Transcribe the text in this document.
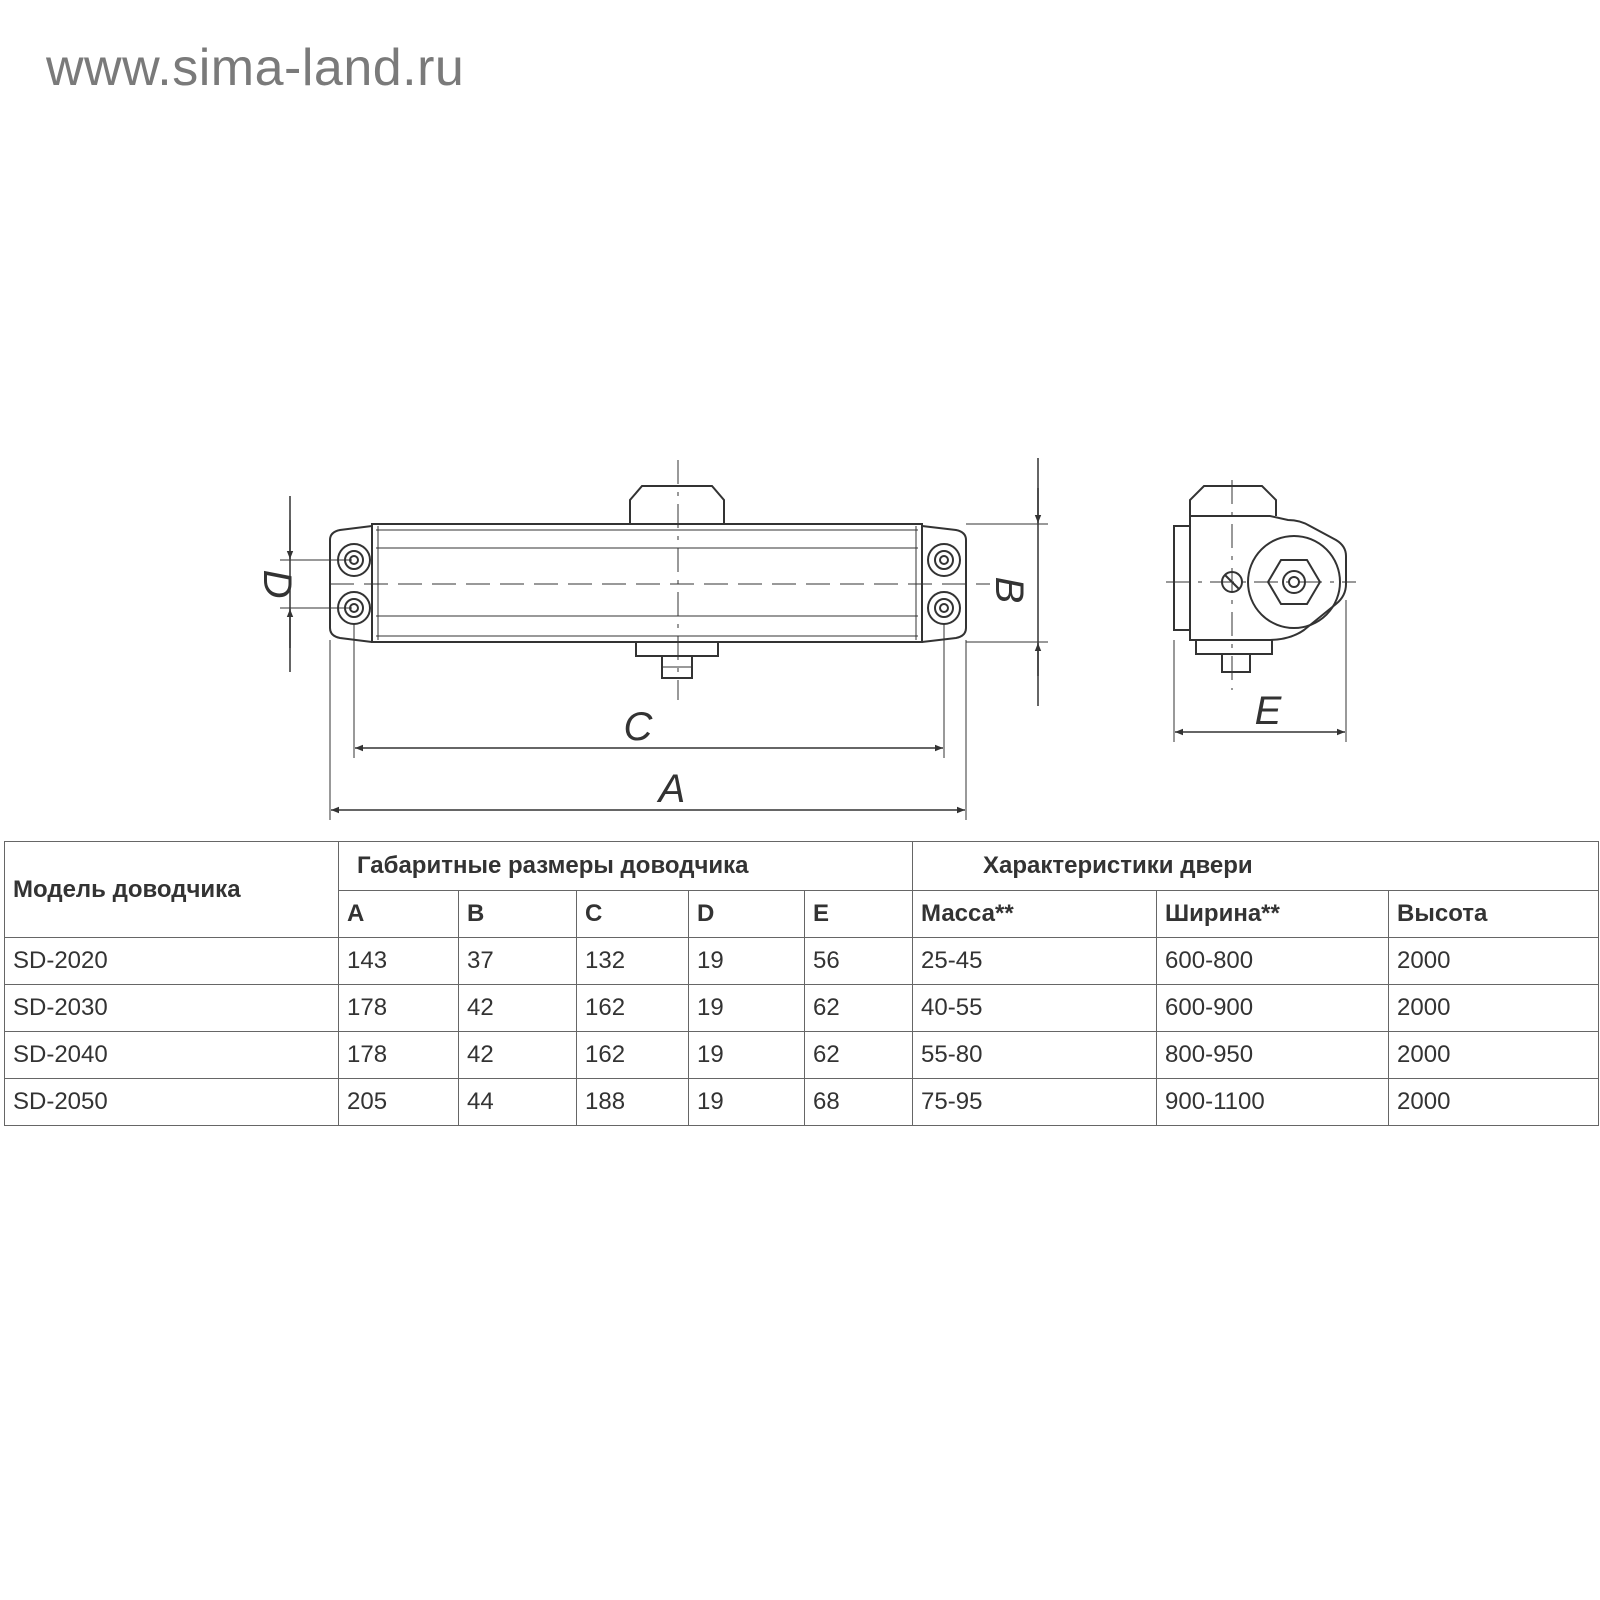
www.sima-land.ru
D	B
C
A
E
Модель доводчика	Габаритные размеры доводчика					Характеристики двери		
	A	B	C	D	E	Масса**	Ширина**	Высота
SD-2020	143	37	132	19	56	25-45	600-800	2000
SD-2030	178	42	162	19	62	40-55	600-900	2000
SD-2040	178	42	162	19	62	55-80	800-950	2000
SD-2050	205	44	188	19	68	75-95	900-1100	2000
